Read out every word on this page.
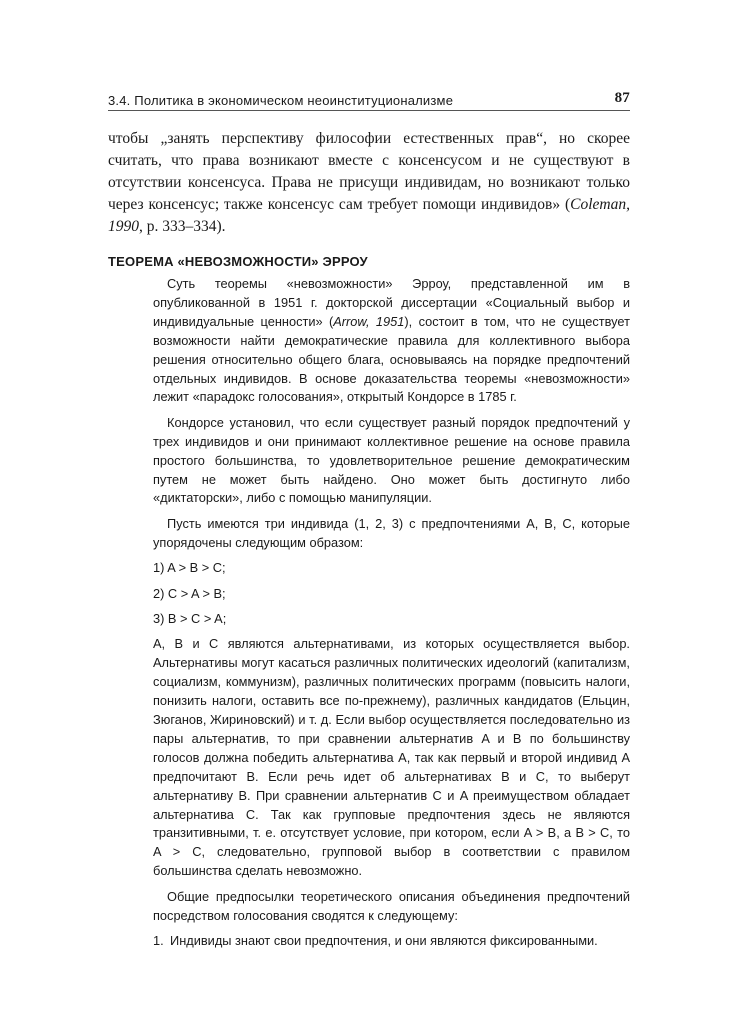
3.4. Политика в экономическом неоинституционализме	87

чтобы „занять перспективу философии естественных прав“, но скорее считать, что права возникают вместе с консенсусом и не существуют в отсутствии консенсуса. Права не присущи индивидам, но возникают только через консенсус; также консенсус сам требует помощи индивидов» (Coleman, 1990, p. 333–334).

ТЕОРЕМА «НЕВОЗМОЖНОСТИ» ЭРРОУ

Суть теоремы «невозможности» Эрроу, представленной им в опубликованной в 1951 г. докторской диссертации «Социальный выбор и индивидуальные ценности» (Arrow, 1951), состоит в том, что не существует возможности найти демократические правила для коллективного выбора решения относительно общего блага, основываясь на порядке предпочтений отдельных индивидов. В основе доказательства теоремы «невозможности» лежит «парадокс голосования», открытый Кондорсе в 1785 г.

Кондорсе установил, что если существует разный порядок предпочтений у трех индивидов и они принимают коллективное решение на основе правила простого большинства, то удовлетворительное решение демократическим путем не может быть найдено. Оно может быть достигнуто либо «диктаторски», либо с помощью манипуляции.

Пусть имеются три индивида (1, 2, 3) с предпочтениями A, B, C, которые упорядочены следующим образом:

1) A > B > C;

2) C > A > B;

3) B > C > A;

A, B и C являются альтернативами, из которых осуществляется выбор. Альтернативы могут касаться различных политических идеологий (капитализм, социализм, коммунизм), различных политических программ (повысить налоги, понизить налоги, оставить все по-прежнему), различных кандидатов (Ельцин, Зюганов, Жириновский) и т. д. Если выбор осуществляется последовательно из пары альтернатив, то при сравнении альтернатив A и B по большинству голосов должна победить альтернатива A, так как первый и второй индивид A предпочитают B. Если речь идет об альтернативах B и C, то выберут альтернативу B. При сравнении альтернатив C и A преимуществом обладает альтернатива C. Так как групповые предпочтения здесь не являются транзитивными, т. е. отсутствует условие, при котором, если A > B, а B > C, то A > C, следовательно, групповой выбор в соответствии с правилом большинства сделать невозможно.

Общие предпосылки теоретического описания объединения предпочтений посредством голосования сводятся к следующему:

1. Индивиды знают свои предпочтения, и они являются фиксированными.
